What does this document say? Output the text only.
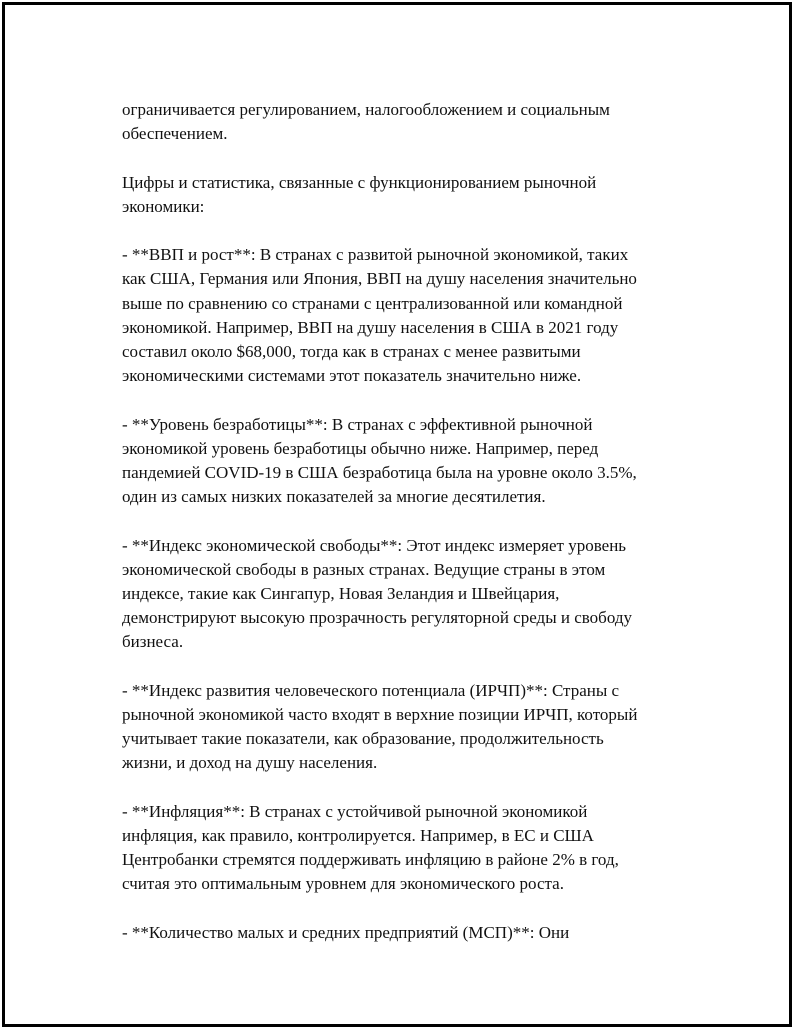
ограничивается регулированием, налогообложением и социальным
обеспечением.

Цифры и статистика, связанные с функционированием рыночной
экономики:

- **ВВП и рост**: В странах с развитой рыночной экономикой, таких
как США, Германия или Япония, ВВП на душу населения значительно
выше по сравнению со странами с централизованной или командной
экономикой. Например, ВВП на душу населения в США в 2021 году
составил около $68,000, тогда как в странах с менее развитыми
экономическими системами этот показатель значительно ниже.

- **Уровень безработицы**: В странах с эффективной рыночной
экономикой уровень безработицы обычно ниже. Например, перед
пандемией COVID-19 в США безработица была на уровне около 3.5%,
один из самых низких показателей за многие десятилетия.

- **Индекс экономической свободы**: Этот индекс измеряет уровень
экономической свободы в разных странах. Ведущие страны в этом
индексе, такие как Сингапур, Новая Зеландия и Швейцария,
демонстрируют высокую прозрачность регуляторной среды и свободу
бизнеса.

- **Индекс развития человеческого потенциала (ИРЧП)**: Страны с
рыночной экономикой часто входят в верхние позиции ИРЧП, который
учитывает такие показатели, как образование, продолжительность
жизни, и доход на душу населения.

- **Инфляция**: В странах с устойчивой рыночной экономикой
инфляция, как правило, контролируется. Например, в ЕС и США
Центробанки стремятся поддерживать инфляцию в районе 2% в год,
считая это оптимальным уровнем для экономического роста.

- **Количество малых и средних предприятий (МСП)**: Они
